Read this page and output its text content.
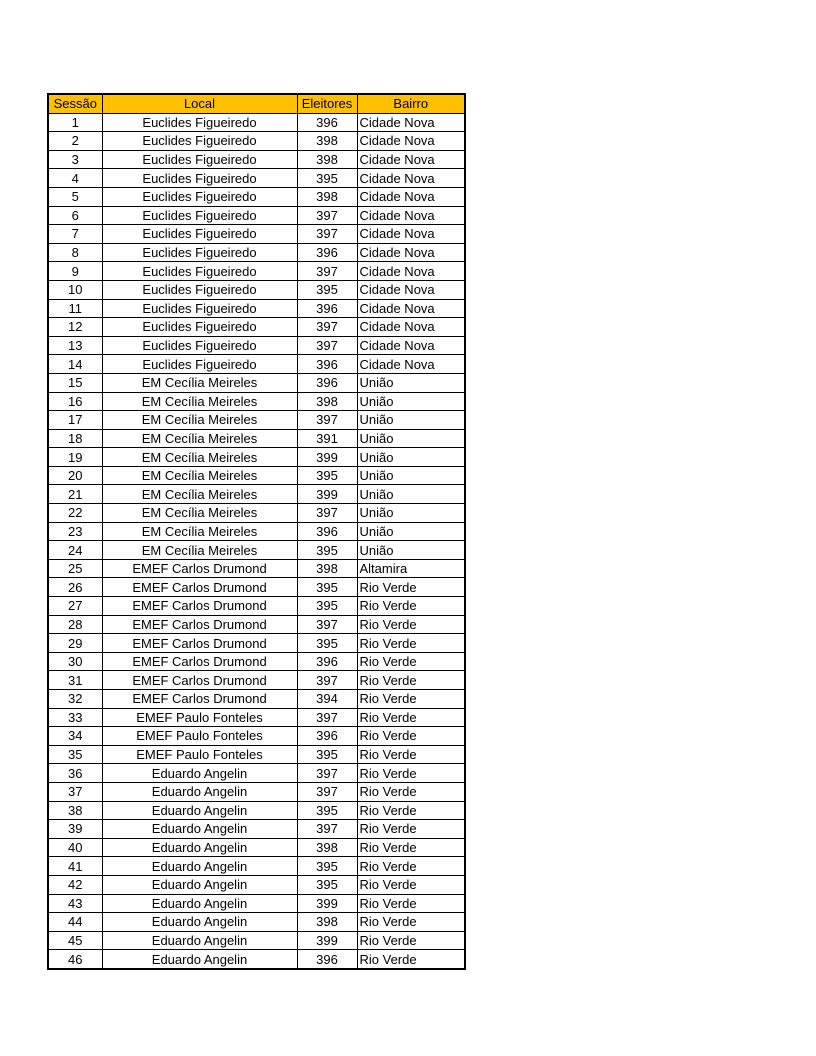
Sessão	Local	Eleitores	Bairro
1	Euclides Figueiredo	396	Cidade Nova
2	Euclides Figueiredo	398	Cidade Nova
3	Euclides Figueiredo	398	Cidade Nova
4	Euclides Figueiredo	395	Cidade Nova
5	Euclides Figueiredo	398	Cidade Nova
6	Euclides Figueiredo	397	Cidade Nova
7	Euclides Figueiredo	397	Cidade Nova
8	Euclides Figueiredo	396	Cidade Nova
9	Euclides Figueiredo	397	Cidade Nova
10	Euclides Figueiredo	395	Cidade Nova
11	Euclides Figueiredo	396	Cidade Nova
12	Euclides Figueiredo	397	Cidade Nova
13	Euclides Figueiredo	397	Cidade Nova
14	Euclides Figueiredo	396	Cidade Nova
15	EM Cecília Meireles	396	União
16	EM Cecília Meireles	398	União
17	EM Cecília Meireles	397	União
18	EM Cecília Meireles	391	União
19	EM Cecília Meireles	399	União
20	EM Cecília Meireles	395	União
21	EM Cecília Meireles	399	União
22	EM Cecília Meireles	397	União
23	EM Cecília Meireles	396	União
24	EM Cecília Meireles	395	União
25	EMEF Carlos Drumond	398	Altamira
26	EMEF Carlos Drumond	395	Rio Verde
27	EMEF Carlos Drumond	395	Rio Verde
28	EMEF Carlos Drumond	397	Rio Verde
29	EMEF Carlos Drumond	395	Rio Verde
30	EMEF Carlos Drumond	396	Rio Verde
31	EMEF Carlos Drumond	397	Rio Verde
32	EMEF Carlos Drumond	394	Rio Verde
33	EMEF Paulo Fonteles	397	Rio Verde
34	EMEF Paulo Fonteles	396	Rio Verde
35	EMEF Paulo Fonteles	395	Rio Verde
36	Eduardo Angelin	397	Rio Verde
37	Eduardo Angelin	397	Rio Verde
38	Eduardo Angelin	395	Rio Verde
39	Eduardo Angelin	397	Rio Verde
40	Eduardo Angelin	398	Rio Verde
41	Eduardo Angelin	395	Rio Verde
42	Eduardo Angelin	395	Rio Verde
43	Eduardo Angelin	399	Rio Verde
44	Eduardo Angelin	398	Rio Verde
45	Eduardo Angelin	399	Rio Verde
46	Eduardo Angelin	396	Rio Verde
